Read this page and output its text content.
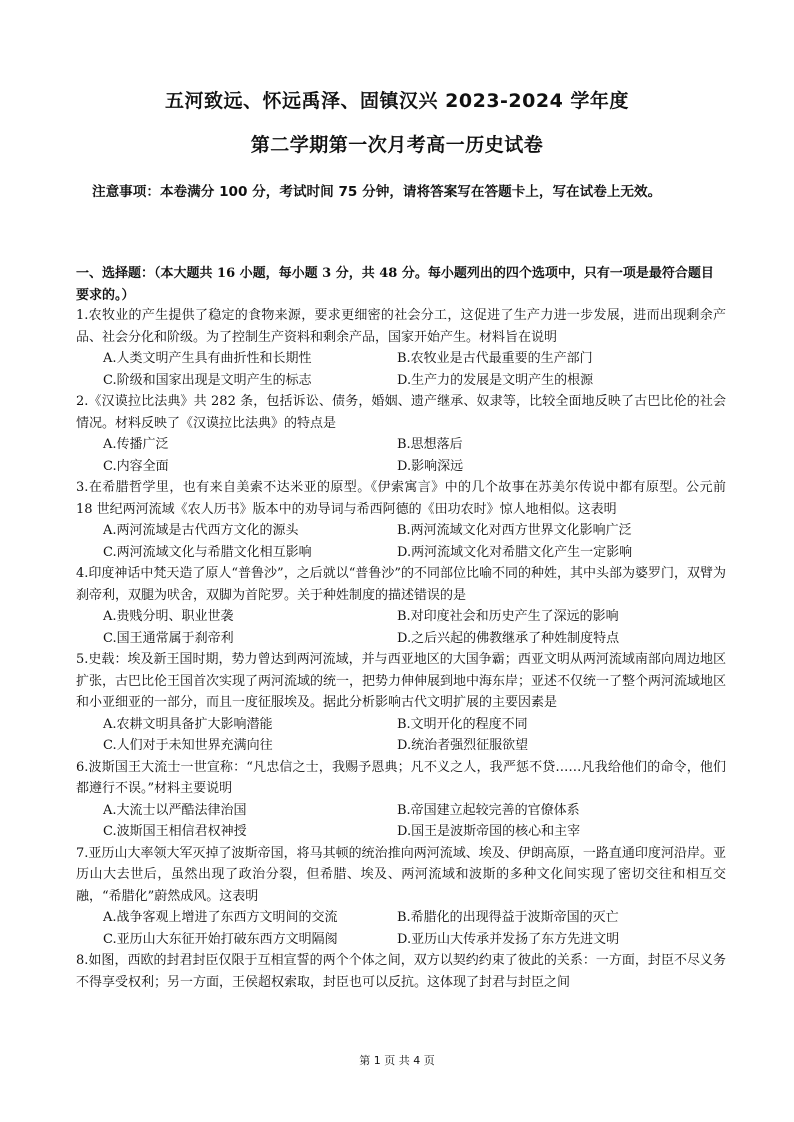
五河致远、怀远禹泽、固镇汉兴 2023-2024 学年度
第二学期第一次月考高一历史试卷
注意事项：本卷满分 100 分，考试时间 75 分钟，请将答案写在答题卡上，写在试卷上无效。
一、选择题：（本大题共 16 小题，每小题 3 分，共 48 分。每小题列出的四个选项中，只有一项是最符合题目要求的。）

1.农牧业的产生提供了稳定的食物来源，要求更细密的社会分工，这促进了生产力进一步发展，进而出现剩余产品、社会分化和阶级。为了控制生产资料和剩余产品，国家开始产生。材料旨在说明

A.人类文明产生具有曲折性和长期性	B.农牧业是古代最重要的生产部门
C.阶级和国家出现是文明产生的标志	D.生产力的发展是文明产生的根源

2.《汉谟拉比法典》共 282 条，包括诉讼、债务，婚姻、遗产继承、奴隶等，比较全面地反映了古巴比伦的社会情况。材料反映了《汉谟拉比法典》的特点是

A.传播广泛	B.思想落后
C.内容全面	D.影响深远

3.在希腊哲学里，也有来自美索不达米亚的原型。《伊索寓言》中的几个故事在苏美尔传说中都有原型。公元前 18 世纪两河流域《农人历书》版本中的劝导词与希西阿德的《田功农时》惊人地相似。这表明

A.两河流域是古代西方文化的源头	B.两河流域文化对西方世界文化影响广泛
C.两河流域文化与希腊文化相互影响	D.两河流域文化对希腊文化产生一定影响

4.印度神话中梵天造了原人“普鲁沙”，之后就以“普鲁沙”的不同部位比喻不同的种姓，其中头部为婆罗门，双臂为刹帝利，双腿为吠舍，双脚为首陀罗。关于种姓制度的描述错误的是

A.贵贱分明、职业世袭	B.对印度社会和历史产生了深远的影响
C.国王通常属于刹帝利	D.之后兴起的佛教继承了种姓制度特点

5.史载：埃及新王国时期，势力曾达到两河流域，并与西亚地区的大国争霸；西亚文明从两河流域南部向周边地区扩张，古巴比伦王国首次实现了两河流域的统一，把势力伸伸展到地中海东岸；亚述不仅统一了整个两河流域地区和小亚细亚的一部分，而且一度征服埃及。据此分析影响古代文明扩展的主要因素是

A.农耕文明具备扩大影响潜能	B.文明开化的程度不同
C.人们对于未知世界充满向往	D.统治者强烈征服欲望

6.波斯国王大流士一世宣称：“凡忠信之士，我赐予恩典；凡不义之人，我严惩不贷……凡我给他们的命令，他们都遵行不误。”材料主要说明

A.大流士以严酷法律治国	B.帝国建立起较完善的官僚体系
C.波斯国王相信君权神授	D.国王是波斯帝国的核心和主宰

7.亚历山大率领大军灭掉了波斯帝国，将马其顿的统治推向两河流域、埃及、伊朗高原，一路直通印度河沿岸。亚历山大去世后，虽然出现了政治分裂，但希腊、埃及、两河流域和波斯的多种文化间实现了密切交往和相互交融，“希腊化”蔚然成风。这表明

A.战争客观上增进了东西方文明间的交流	B.希腊化的出现得益于波斯帝国的灭亡
C.亚历山大东征开始打破东西方文明隔阂	D.亚历山大传承并发扬了东方先进文明

8.如图，西欧的封君封臣仅限于互相宣誓的两个个体之间，双方以契约约束了彼此的关系：一方面，封臣不尽义务不得享受权利；另一方面，王侯超权索取，封臣也可以反抗。这体现了封君与封臣之间

第 1 页 共 4 页
